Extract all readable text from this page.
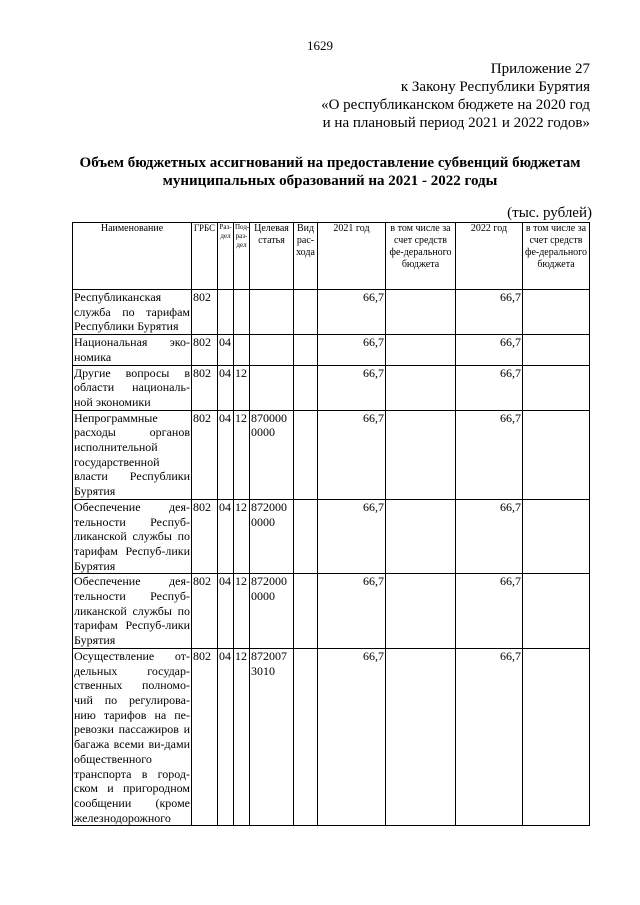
1629
Приложение 27
к Закону Республики Бурятия
«О республиканском бюджете на 2020 год
и на плановый период 2021 и 2022 годов»
Объем бюджетных ассигнований на предоставление субвенций бюджетам
муниципальных образований на 2021 - 2022 годы
(тыс. рублей)
Наименование	ГРБС	Раз-дел	Под-раз-дел	Целевая статья	Вид рас-хода	2021 год	в том числе за счет средств фе-дерального бюджета	2022 год	в том числе за счет средств фе-дерального бюджета
Республиканская служба по тарифам Республики Бурятия	802					66,7		66,7	
Национальная эко-номика	802	04				66,7		66,7	
Другие вопросы в области националь-ной экономики	802	04	12			66,7		66,7	
Непрограммные расходы органов исполнительной государственной власти Республики Бурятия	802	04	12	870000 0000		66,7		66,7	
Обеспечение дея-тельности Респуб-ликанской службы по тарифам Респуб-лики Бурятия	802	04	12	872000 0000		66,7		66,7	
Обеспечение дея-тельности Респуб-ликанской службы по тарифам Респуб-лики Бурятия	802	04	12	872000 0000		66,7		66,7	
Осуществление от-дельных государ-ственных полномо-чий по регулирова-нию тарифов на пе-ревозки пассажиров и багажа всеми ви-дами общественного транспорта в город-ском и пригородном сообщении (кроме железнодорожного	802	04	12	872007 3010		66,7		66,7	
